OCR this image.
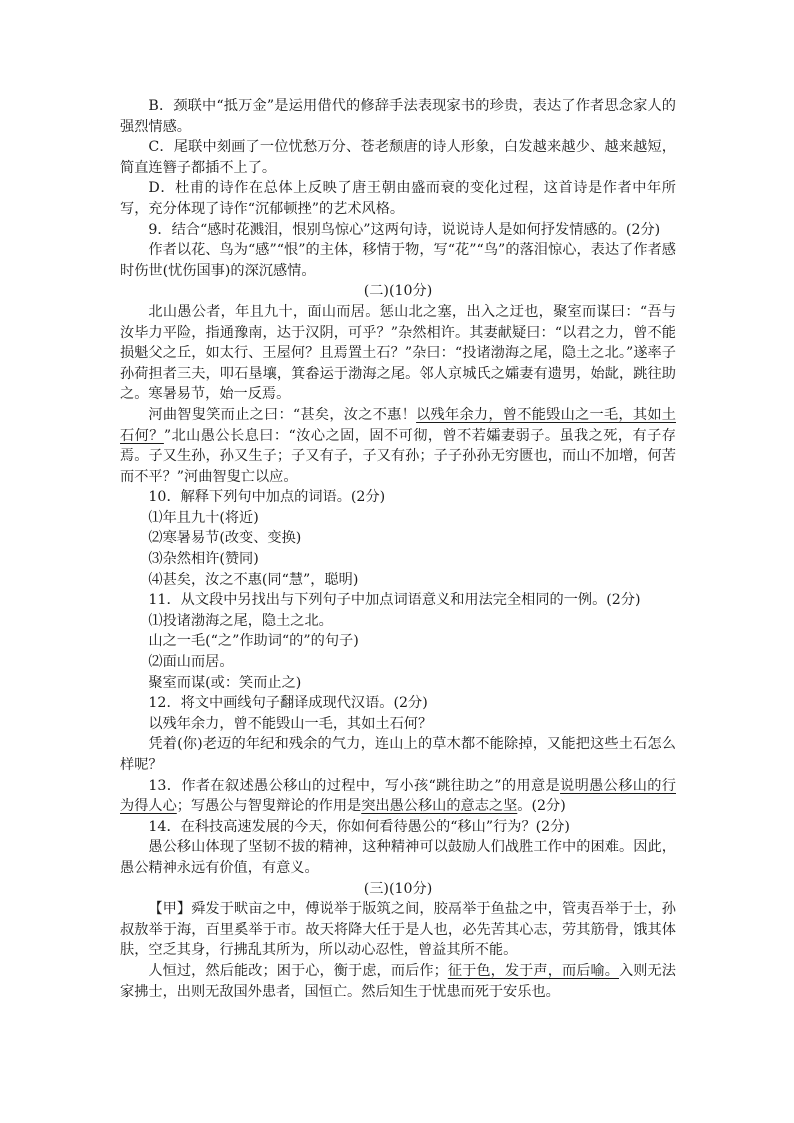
B．颈联中“抵万金”是运用借代的修辞手法表现家书的珍贵，表达了作者思念家人的强烈情感。

C．尾联中刻画了一位忧愁万分、苍老颓唐的诗人形象，白发越来越少、越来越短，简直连簪子都插不上了。

D．杜甫的诗作在总体上反映了唐王朝由盛而衰的变化过程，这首诗是作者中年所写，充分体现了诗作“沉郁顿挫”的艺术风格。

9．结合“感时花溅泪，恨别鸟惊心”这两句诗，说说诗人是如何抒发情感的。(2分)

作者以花、鸟为“感”“恨”的主体，移情于物，写“花”“鸟”的落泪惊心，表达了作者感时伤世(忧伤国事)的深沉感情。

(二)(10分)

北山愚公者，年且九十，面山而居。惩山北之塞，出入之迂也，聚室而谋曰：“吾与汝毕力平险，指通豫南，达于汉阴，可乎？”杂然相许。其妻献疑曰：“以君之力，曾不能损魁父之丘，如太行、王屋何？且焉置土石？”杂曰：“投诸渤海之尾，隐土之北。”遂率子孙荷担者三夫，叩石垦壤，箕畚运于渤海之尾。邻人京城氏之孀妻有遗男，始龀，跳往助之。寒暑易节，始一反焉。

河曲智叟笑而止之曰：“甚矣，汝之不惠！以残年余力，曾不能毁山之一毛，其如土石何？”北山愚公长息曰：“汝心之固，固不可彻，曾不若孀妻弱子。虽我之死，有子存焉。子又生孙，孙又生子；子又有子，子又有孙；子子孙孙无穷匮也，而山不加增，何苦而不平？”河曲智叟亡以应。

10．解释下列句中加点的词语。(2分)

⑴年且九十(将近)

⑵寒暑易节(改变、变换)

⑶杂然相许(赞同)

⑷甚矣，汝之不惠(同“慧”，聪明)

11．从文段中另找出与下列句子中加点词语意义和用法完全相同的一例。(2分)

⑴投诸渤海之尾，隐土之北。

山之一毛(“之”作助词“的”的句子)

⑵面山而居。

聚室而谋(或：笑而止之)

12．将文中画线句子翻译成现代汉语。(2分)

以残年余力，曾不能毁山一毛，其如土石何？

凭着(你)老迈的年纪和残余的气力，连山上的草木都不能除掉，又能把这些土石怎么样呢？

13．作者在叙述愚公移山的过程中，写小孩“跳往助之”的用意是说明愚公移山的行为得人心；写愚公与智叟辩论的作用是突出愚公移山的意志之坚。(2分)

14．在科技高速发展的今天，你如何看待愚公的“移山”行为？(2分)

愚公移山体现了坚韧不拔的精神，这种精神可以鼓励人们战胜工作中的困难。因此，愚公精神永远有价值，有意义。

(三)(10分)

【甲】舜发于畎亩之中，傅说举于版筑之间，胶鬲举于鱼盐之中，管夷吾举于士，孙叔敖举于海，百里奚举于市。故天将降大任于是人也，必先苦其心志，劳其筋骨，饿其体肤，空乏其身，行拂乱其所为，所以动心忍性，曾益其所不能。

人恒过，然后能改；困于心，衡于虑，而后作；征于色，发于声，而后喻。入则无法家拂士，出则无敌国外患者，国恒亡。然后知生于忧患而死于安乐也。
